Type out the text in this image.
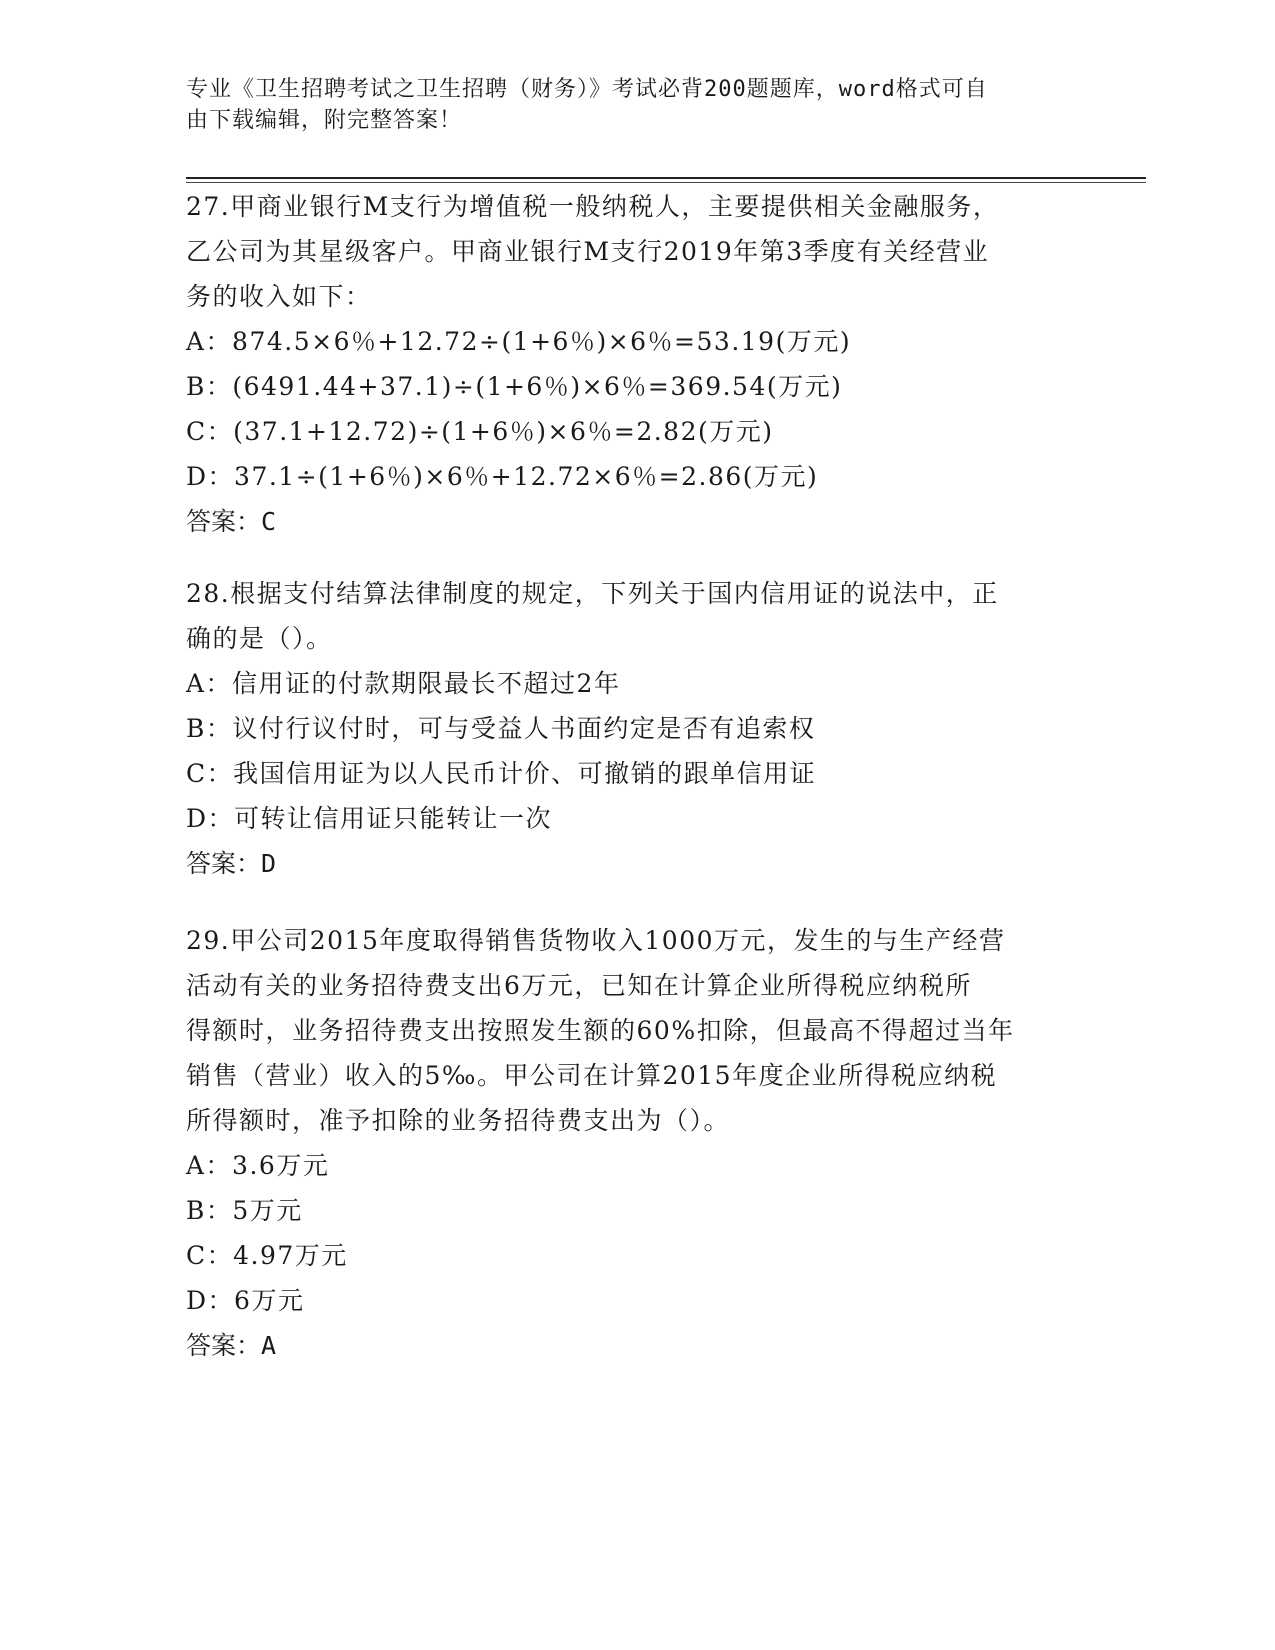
专业《卫生招聘考试之卫生招聘（财务）》考试必背200题题库，word格式可自
由下载编辑，附完整答案！

27.甲商业银行M支行为增值税一般纳税人，主要提供相关金融服务，

乙公司为其星级客户。甲商业银行M支行2019年第3季度有关经营业

务的收入如下：

A：874.5×6％+12.72÷(1+6％)×6％=53.19(万元)

B：(6491.44+37.1)÷(1+6％)×6％=369.54(万元)

C：(37.1+12.72)÷(1+6％)×6％=2.82(万元)

D：37.1÷(1+6％)×6％+12.72×6％=2.86(万元)

答案：C

28.根据支付结算法律制度的规定，下列关于国内信用证的说法中，正

确的是（）。

A：信用证的付款期限最长不超过2年

B：议付行议付时，可与受益人书面约定是否有追索权

C：我国信用证为以人民币计价、可撤销的跟单信用证

D：可转让信用证只能转让一次

答案：D

29.甲公司2015年度取得销售货物收入1000万元，发生的与生产经营

活动有关的业务招待费支出6万元，已知在计算企业所得税应纳税所

得额时，业务招待费支出按照发生额的60%扣除，但最高不得超过当年

销售（营业）收入的5‰。甲公司在计算2015年度企业所得税应纳税

所得额时，准予扣除的业务招待费支出为（）。

A：3.6万元

B：5万元

C：4.97万元

D：6万元

答案：A
